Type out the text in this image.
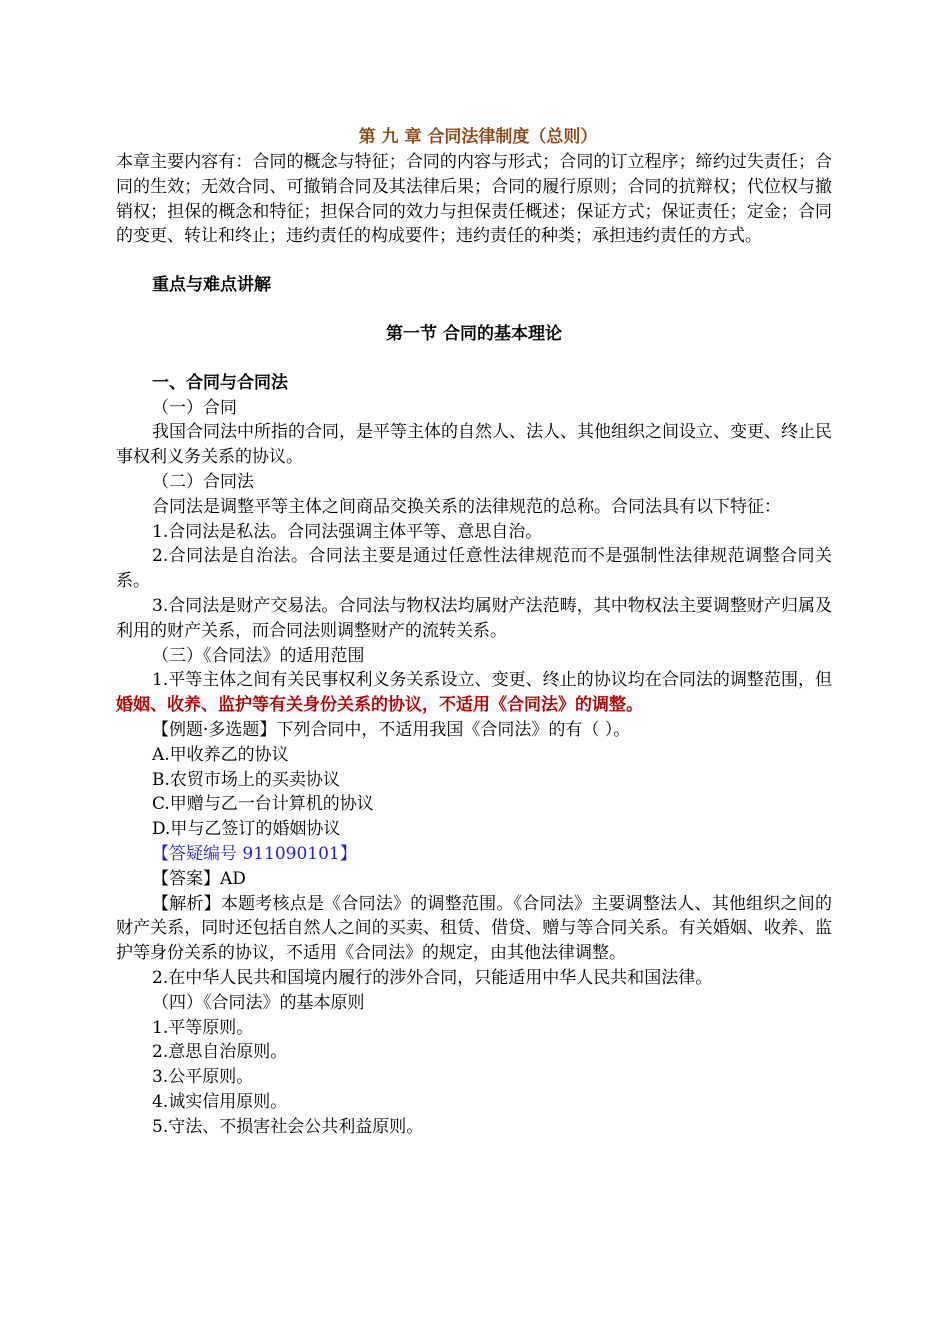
第 九 章 合同法律制度（总则）

本章主要内容有：合同的概念与特征；合同的内容与形式；合同的订立程序；缔约过失责任；合同的生效；无效合同、可撤销合同及其法律后果；合同的履行原则；合同的抗辩权；代位权与撤销权；担保的概念和特征；担保合同的效力与担保责任概述；保证方式；保证责任；定金；合同的变更、转让和终止；违约责任的构成要件；违约责任的种类；承担违约责任的方式。

重点与难点讲解

第一节 合同的基本理论

一、合同与合同法

（一）合同

我国合同法中所指的合同，是平等主体的自然人、法人、其他组织之间设立、变更、终止民事权利义务关系的协议。

（二）合同法

合同法是调整平等主体之间商品交换关系的法律规范的总称。合同法具有以下特征：

1.合同法是私法。合同法强调主体平等、意思自治。

2.合同法是自治法。合同法主要是通过任意性法律规范而不是强制性法律规范调整合同关系。

3.合同法是财产交易法。合同法与物权法均属财产法范畴，其中物权法主要调整财产归属及利用的财产关系，而合同法则调整财产的流转关系。

（三）《合同法》的适用范围

1.平等主体之间有关民事权利义务关系设立、变更、终止的协议均在合同法的调整范围，但婚姻、收养、监护等有关身份关系的协议，不适用《合同法》的调整。

【例题·多选题】下列合同中，不适用我国《合同法》的有（ ）。

A.甲收养乙的协议

B.农贸市场上的买卖协议

C.甲赠与乙一台计算机的协议

D.甲与乙签订的婚姻协议

【答疑编号 911090101】

【答案】AD

【解析】本题考核点是《合同法》的调整范围。《合同法》主要调整法人、其他组织之间的财产关系，同时还包括自然人之间的买卖、租赁、借贷、赠与等合同关系。有关婚姻、收养、监护等身份关系的协议，不适用《合同法》的规定，由其他法律调整。

2.在中华人民共和国境内履行的涉外合同，只能适用中华人民共和国法律。

（四）《合同法》的基本原则

1.平等原则。

2.意思自治原则。

3.公平原则。

4.诚实信用原则。

5.守法、不损害社会公共利益原则。
